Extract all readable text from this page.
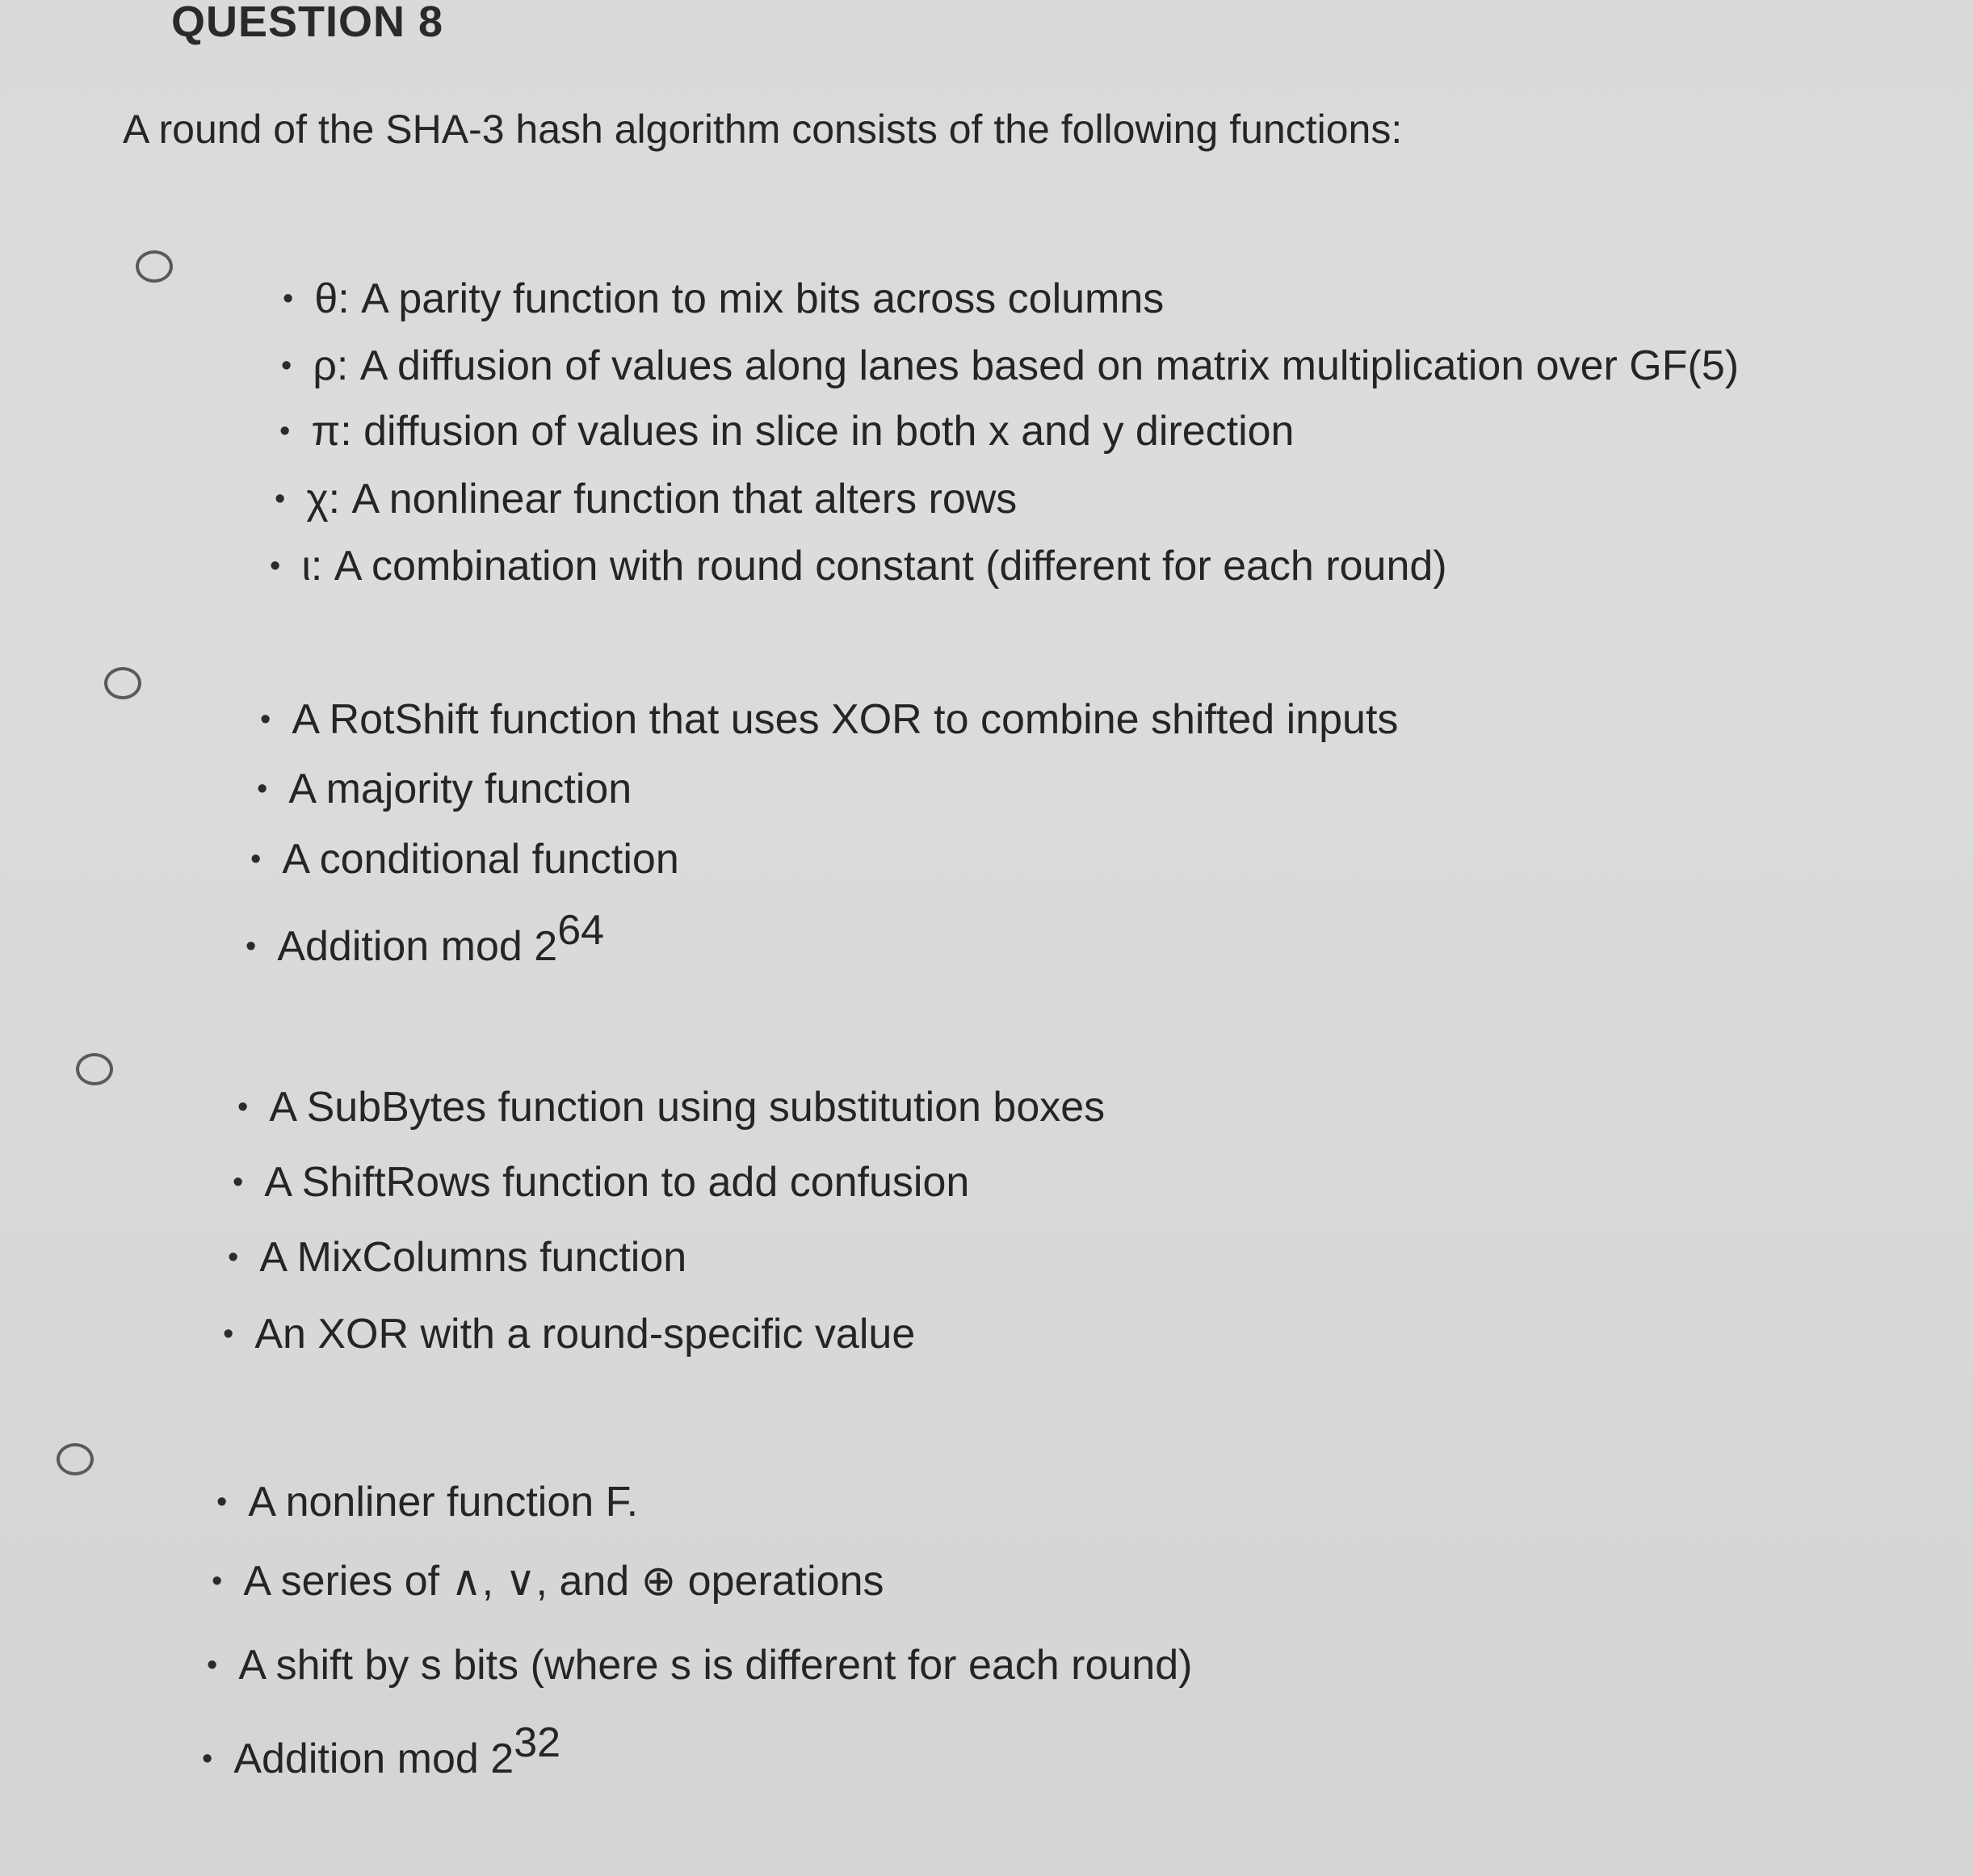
QUESTION 8
A round of the SHA-3 hash algorithm consists of the following functions:
• θ: A parity function to mix bits across columns
• ρ: A diffusion of values along lanes based on matrix multiplication over GF(5)
• π: diffusion of values in slice in both x and y direction
• χ: A nonlinear function that alters rows
• ι: A combination with round constant (different for each round)
• A RotShift function that uses XOR to combine shifted inputs
• A majority function
• A conditional function
• Addition mod 2 64
• A SubBytes function using substitution boxes
• A ShiftRows function to add confusion
• A MixColumns function
• An XOR with a round-specific value
• A nonliner function F.
• A series of ∧, ∨, and ⊕ operations
• A shift by s bits (where s is different for each round)
• Addition mod 2 32
